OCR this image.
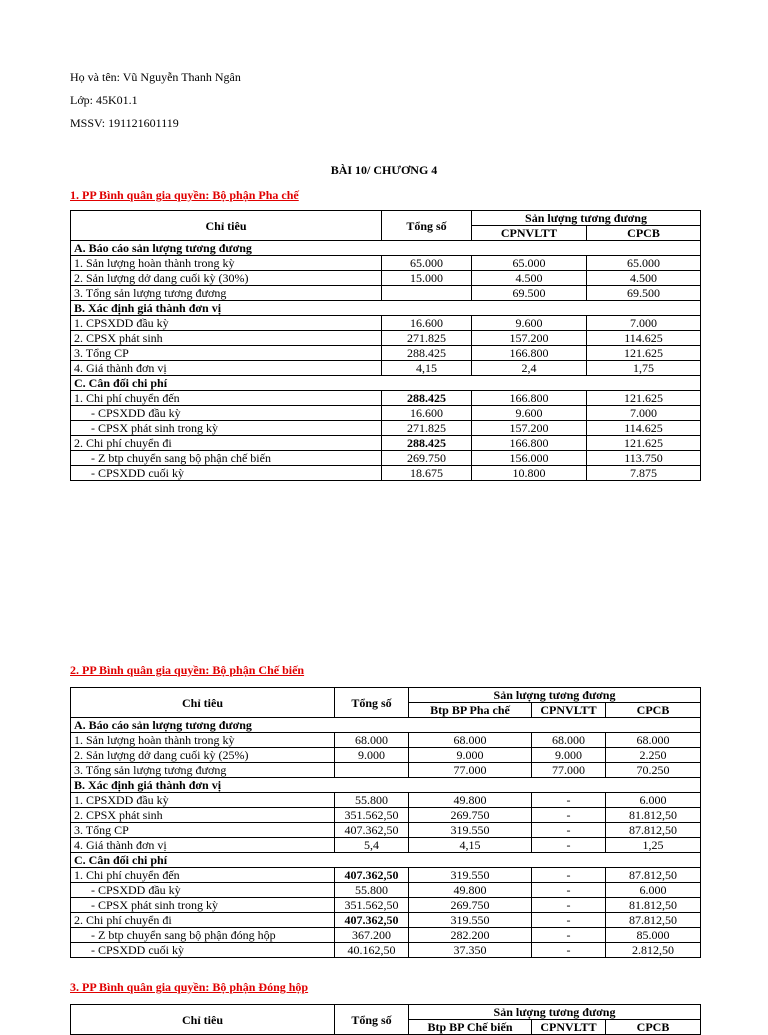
Họ và tên: Vũ Nguyễn Thanh Ngân
Lớp: 45K01.1
MSSV: 191121601119
BÀI 10/ CHƯƠNG 4
1. PP Bình quân gia quyền: Bộ phận Pha chế
Chỉ tiêu	Tổng số	Sản lượng tương đương	
		CPNVLTT	CPCB
A. Báo cáo sản lượng tương đương			
1. Sản lượng hoàn thành trong kỳ	65.000	65.000	65.000
2. Sản lượng dở dang cuối kỳ (30%)	15.000	4.500	4.500
3. Tổng sản lượng tương đương		69.500	69.500
B. Xác định giá thành đơn vị			
1. CPSXDD đầu kỳ	16.600	9.600	7.000
2. CPSX phát sinh	271.825	157.200	114.625
3. Tổng CP	288.425	166.800	121.625
4. Giá thành đơn vị	4,15	2,4	1,75
C. Cân đối chi phí			
1. Chi phí chuyển đến	288.425	166.800	121.625
- CPSXDD đầu kỳ	16.600	9.600	7.000
- CPSX phát sinh trong kỳ	271.825	157.200	114.625
2. Chi phí chuyển đi	288.425	166.800	121.625
- Z btp chuyển sang bộ phận chế biến	269.750	156.000	113.750
- CPSXDD cuối kỳ	18.675	10.800	7.875
2. PP Bình quân gia quyền: Bộ phận Chế biến
Chỉ tiêu	Tổng số	Sản lượng tương đương		
		Btp BP Pha chế	CPNVLTT	CPCB
A. Báo cáo sản lượng tương đương				
1. Sản lượng hoàn thành trong kỳ	68.000	68.000	68.000	68.000
2. Sản lượng dở dang cuối kỳ (25%)	9.000	9.000	9.000	2.250
3. Tổng sản lượng tương đương		77.000	77.000	70.250
B. Xác định giá thành đơn vị				
1. CPSXDD đầu kỳ	55.800	49.800	-	6.000
2. CPSX phát sinh	351.562,50	269.750	-	81.812,50
3. Tổng CP	407.362,50	319.550	-	87.812,50
4. Giá thành đơn vị	5,4	4,15	-	1,25
C. Cân đối chi phí				
1. Chi phí chuyển đến	407.362,50	319.550	-	87.812,50
- CPSXDD đầu kỳ	55.800	49.800	-	6.000
- CPSX phát sinh trong kỳ	351.562,50	269.750	-	81.812,50
2. Chi phí chuyển đi	407.362,50	319.550	-	87.812,50
- Z btp chuyển sang bộ phận đóng hộp	367.200	282.200	-	85.000
- CPSXDD cuối kỳ	40.162,50	37.350	-	2.812,50
3. PP Bình quân gia quyền: Bộ phận Đóng hộp
Chỉ tiêu	Tổng số	Sản lượng tương đương		
		Btp BP Chế biến	CPNVLTT	CPCB
